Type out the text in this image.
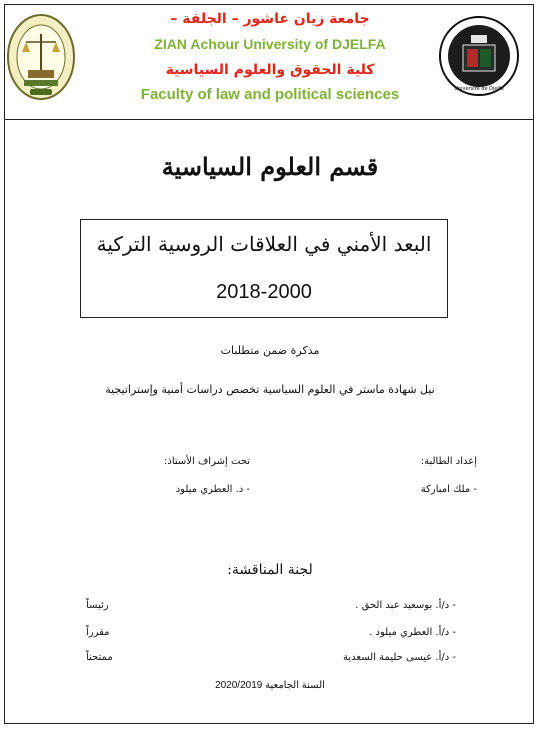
Université de Djelfa
جامعة زيان عاشور – الجلفة –
ZIAN Achour University of DJELFA
كلية الحقوق والعلوم السياسية
Faculty of law and political sciences
قسم العلوم السياسية
البعد الأمني في العلاقات الروسية التركية
2018-2000
مذكرة ضمن متطلبات
نيل شهادة ماستر في العلوم السياسية تخصص دراسات أمنية وإستراتيجية
إعداد الطالبة:
تحت إشراف الأستاذ:
- ملك امباركة
- د. العطري ميلود
لجنة المناقشة:
- د/أ. بوسعيد عبد الحق .
رئيساً
- د/أ. العطري ميلود .
مقرراً
- د/أ. عيسى حليمة السعدية
ممتحناً
السنة الجامعية 2020/2019
